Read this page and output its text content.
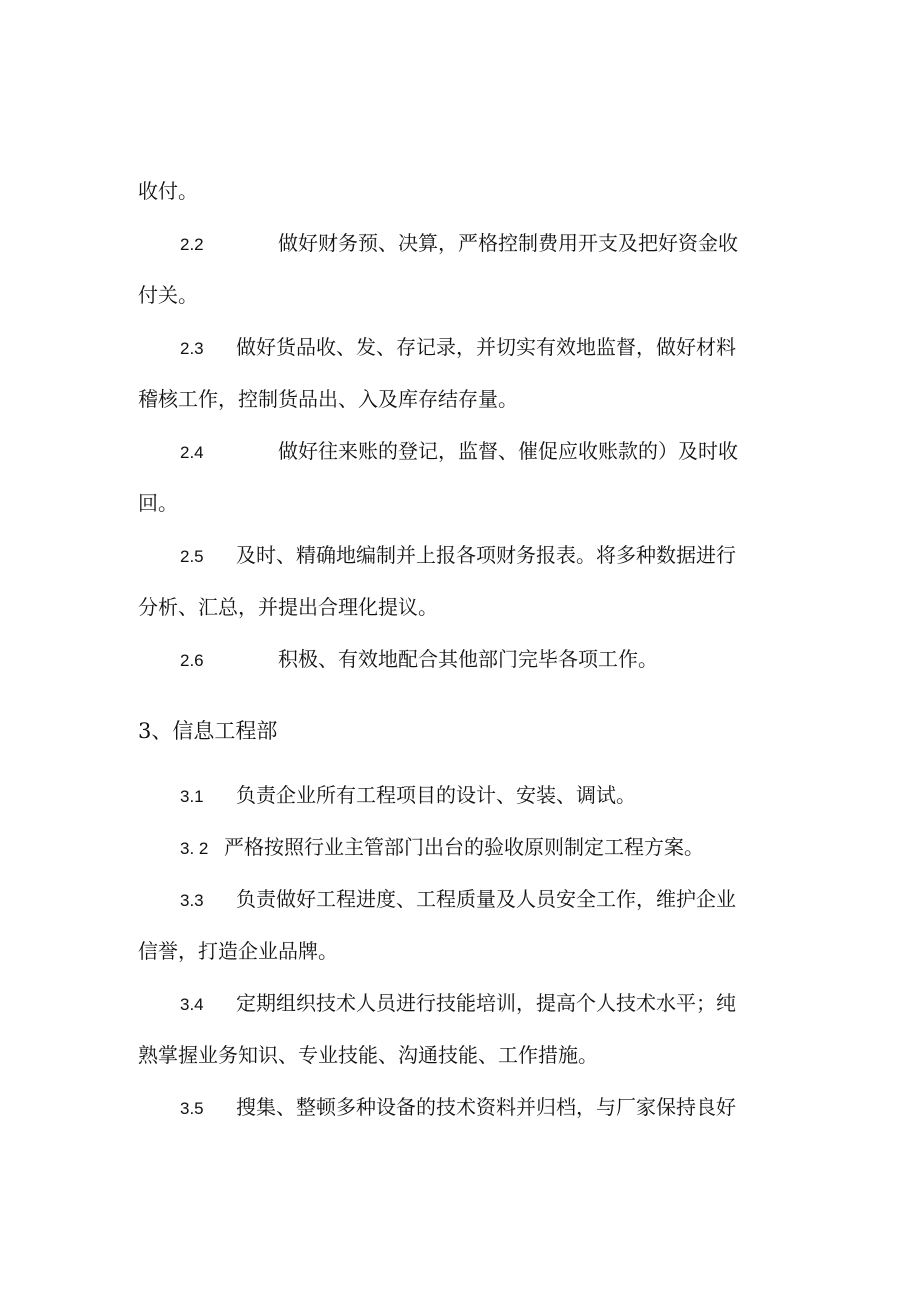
收付。
2.2	做好财务预、决算，严格控制费用开支及把好资金收
付关。
2.3 做好货品收、发、存记录，并切实有效地监督，做好材料
稽核工作，控制货品出、入及库存结存量。
2.4	做好往来账的登记，监督、催促应收账款的）及时收
回。
2.5 及时、精确地编制并上报各项财务报表。将多种数据进行
分析、汇总，并提出合理化提议。
2.6	积极、有效地配合其他部门完毕各项工作。
3、信息工程部
3.1 负责企业所有工程项目的设计、安装、调试。
3. 2 严格按照行业主管部门出台的验收原则制定工程方案。
3.3 负责做好工程进度、工程质量及人员安全工作，维护企业
信誉，打造企业品牌。
3.4 定期组织技术人员进行技能培训，提高个人技术水平；纯
熟掌握业务知识、专业技能、沟通技能、工作措施。
3.5 搜集、整顿多种设备的技术资料并归档，与厂家保持良好
